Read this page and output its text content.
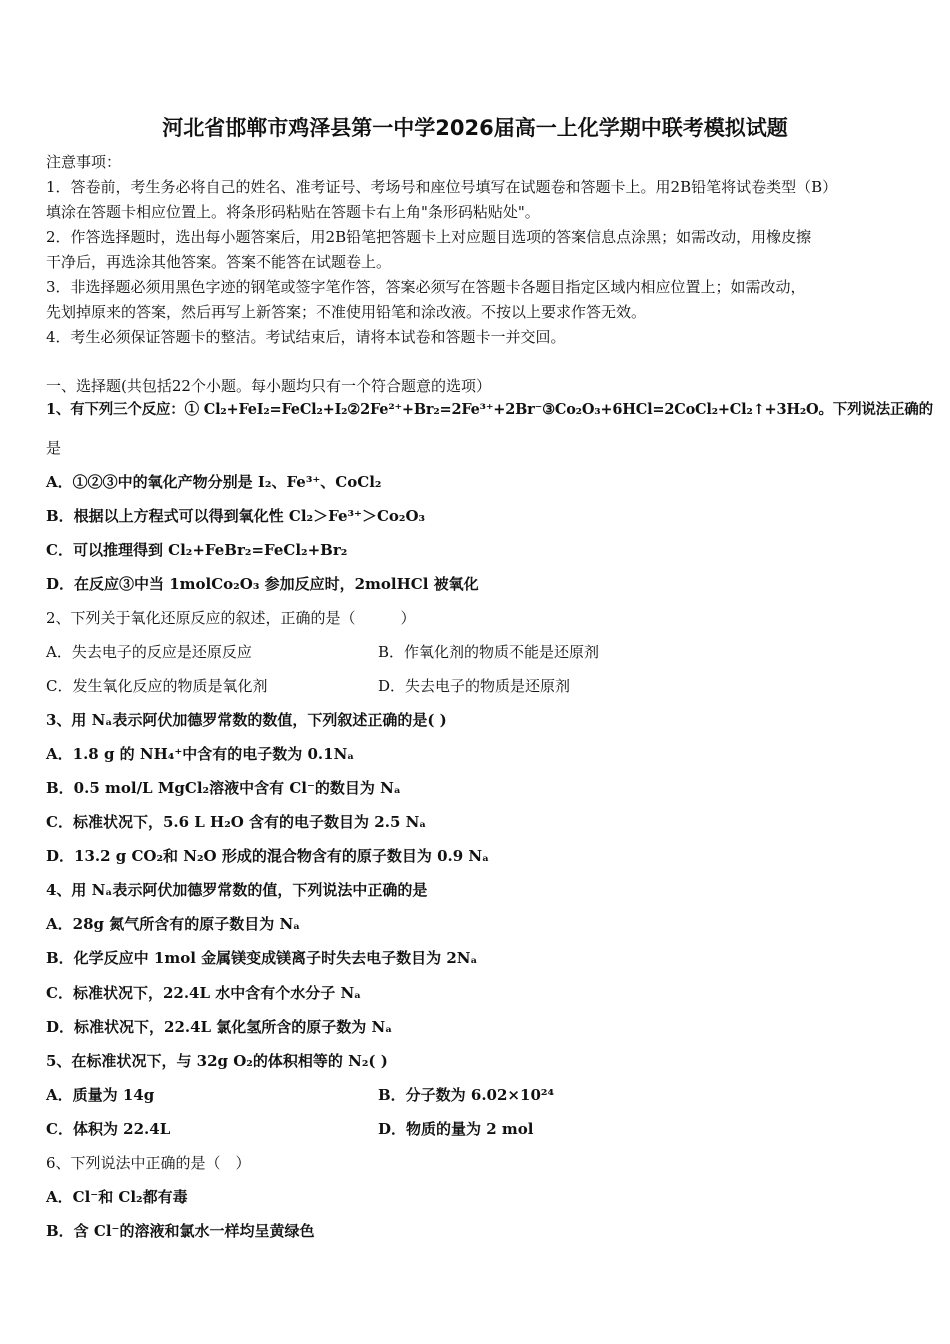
河北省邯郸市鸡泽县第一中学2026届高一上化学期中联考模拟试题
注意事项：
1．答卷前，考生务必将自己的姓名、准考证号、考场号和座位号填写在试题卷和答题卡上。用2B铅笔将试卷类型（B）
填涂在答题卡相应位置上。将条形码粘贴在答题卡右上角"条形码粘贴处"。
2．作答选择题时，选出每小题答案后，用2B铅笔把答题卡上对应题目选项的答案信息点涂黑；如需改动，用橡皮擦
干净后，再选涂其他答案。答案不能答在试题卷上。
3．非选择题必须用黑色字迹的钢笔或签字笔作答，答案必须写在答题卡各题目指定区域内相应位置上；如需改动，
先划掉原来的答案，然后再写上新答案；不准使用铅笔和涂改液。不按以上要求作答无效。
4．考生必须保证答题卡的整洁。考试结束后，请将本试卷和答题卡一并交回。
一、选择题(共包括22个小题。每小题均只有一个符合题意的选项）
1、有下列三个反应：① Cl₂+FeI₂=FeCl₂+I₂②2Fe²⁺+Br₂=2Fe³⁺+2Br⁻③Co₂O₃+6HCl=2CoCl₂+Cl₂↑+3H₂O。下列说法正确的
是
A．①②③中的氧化产物分别是 I₂、Fe³⁺、CoCl₂
B．根据以上方程式可以得到氧化性 Cl₂＞Fe³⁺＞Co₂O₃
C．可以推理得到 Cl₂+FeBr₂=FeCl₂+Br₂
D．在反应③中当 1molCo₂O₃ 参加反应时，2molHCl 被氧化
2、下列关于氧化还原反应的叙述，正确的是（　　　）
A．失去电子的反应是还原反应	B．作氧化剂的物质不能是还原剂
C．发生氧化反应的物质是氧化剂	D．失去电子的物质是还原剂
3、用 Nₐ表示阿伏加德罗常数的数值，下列叙述正确的是( )
A．1.8 g 的 NH₄⁺中含有的电子数为 0.1Nₐ
B．0.5 mol/L MgCl₂溶液中含有 Cl⁻的数目为 Nₐ
C．标准状况下，5.6 L H₂O 含有的电子数目为 2.5 Nₐ
D．13.2 g CO₂和 N₂O 形成的混合物含有的原子数目为 0.9 Nₐ
4、用 Nₐ表示阿伏加德罗常数的值，下列说法中正确的是
A．28g 氮气所含有的原子数目为 Nₐ
B．化学反应中 1mol 金属镁变成镁离子时失去电子数目为 2Nₐ
C．标准状况下，22.4L 水中含有个水分子 Nₐ
D．标准状况下，22.4L 氯化氢所含的原子数为 Nₐ
5、在标准状况下，与 32g O₂的体积相等的 N₂( )
A．质量为 14g	B．分子数为 6.02×10²⁴
C．体积为 22.4L	D．物质的量为 2 mol
6、下列说法中正确的是（　）
A．Cl⁻和 Cl₂都有毒
B．含 Cl⁻的溶液和氯水一样均呈黄绿色
